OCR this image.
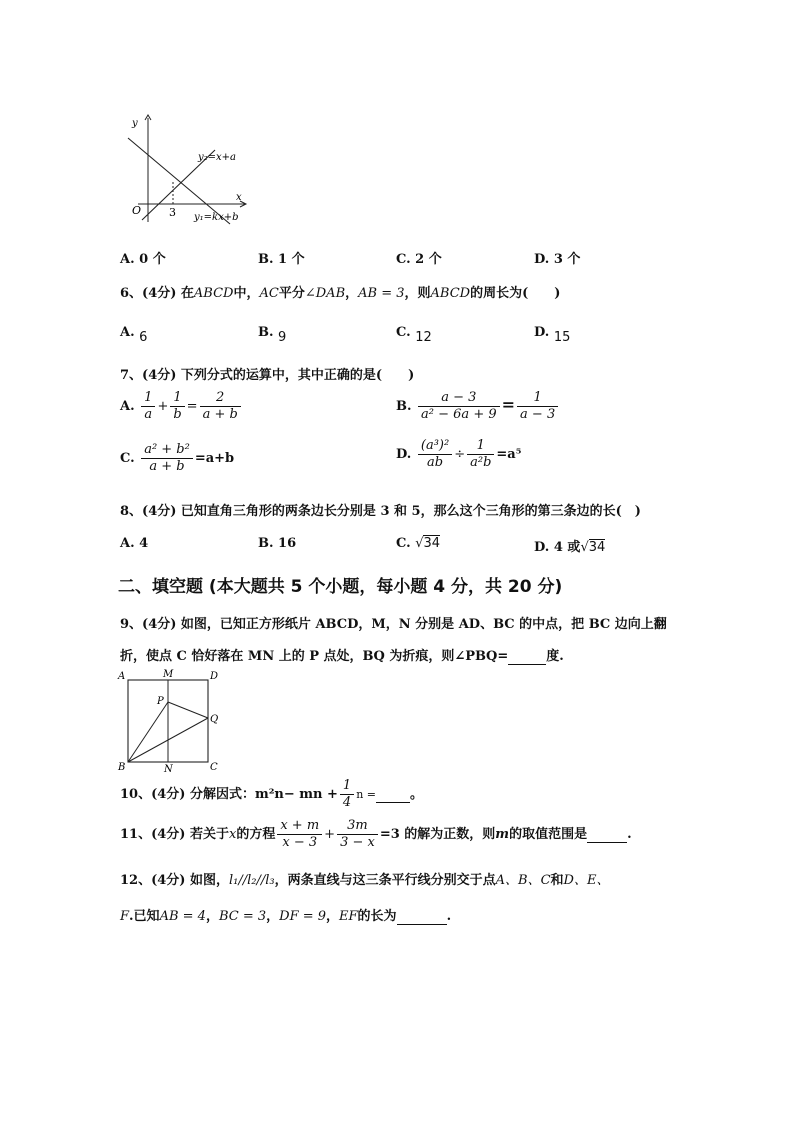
y
x
O	3
y₂=x+a
y₁=kx+b
A. 0 个	B. 1 个	C. 2 个	D. 3 个
6、(4分) 在ABCD中，AC平分∠DAB，AB = 3，则ABCD的周长为(　　)
A. 6	B. 9	C. 12	D. 15
7、(4分) 下列分式的运算中，其中正确的是(　　)
A. $\frac{1}{a} + \frac{1}{b} = \frac{2}{a + b}$	B. $\frac{a - 3}{\text{a² − 6a + 9}} = \frac{1}{a - 3}$
C. $\frac{\text{a² + b²}}{a + b} =a+b$	D. $\frac{\text{(a³)²}}{ab} \div \frac{1}{\text{a²b}} =a^5$
8、(4分) 已知直角三角形的两条边长分别是 3 和 5，那么这个三角形的第三条边的长(　)
A. 4	B. 16	C. √34	D. 4 或√34
二、填空题 (本大题共 5 个小题，每小题 4 分，共 20 分)
9、(4分) 如图，已知正方形纸片 ABCD，M，N 分别是 AD、BC 的中点，把 BC 边向上翻
折，使点 C 恰好落在 MN 上的 P 点处，BQ 为折痕，则∠PBQ=	度.
A	M	D
P
Q
B	N	C
10、(4分) 分解因式：m²n− mn + $\frac{1}{4}$ n =	。
11、(4分) 若关于x的方程 $\frac{x + m}{x - 3} + \frac{3m}{3 - x} =3$ 的解为正数，则m的取值范围是	.
12、(4分) 如图，l₁//l₂//l₃，两条直线与这三条平行线分别交于点A、B、C和D、E、
F.已知AB = 4，BC = 3，DF = 9，EF的长为	.
